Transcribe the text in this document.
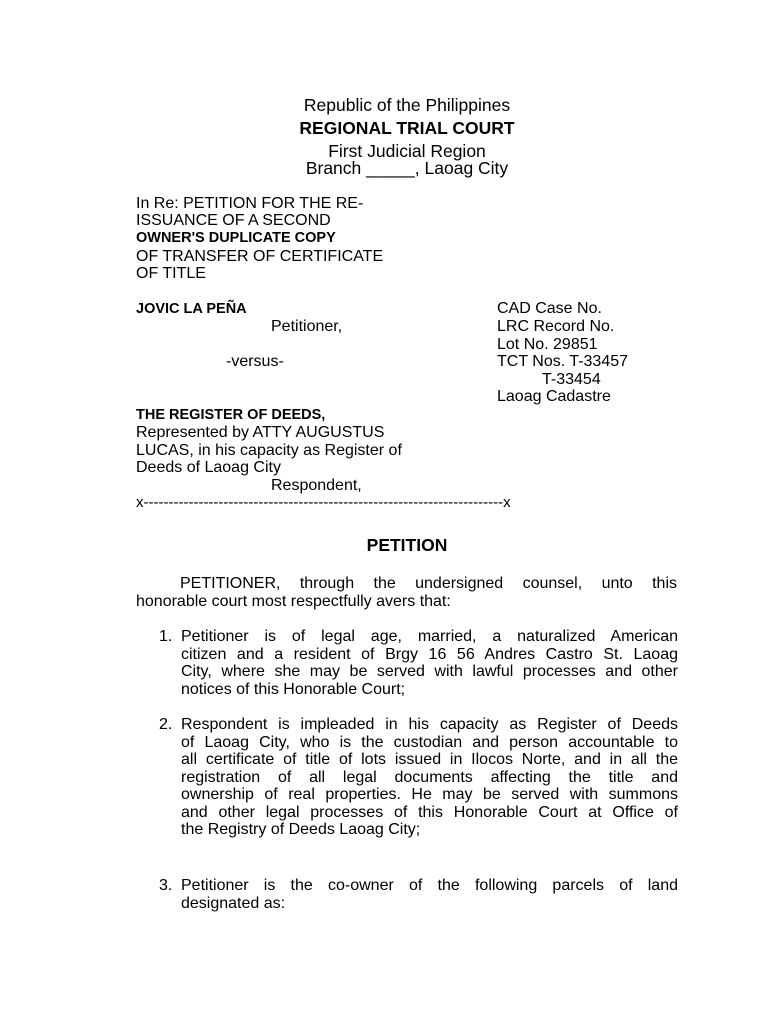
Republic of the Philippines
REGIONAL TRIAL COURT
First Judicial Region
Branch _____, Laoag City
In Re: PETITION FOR THE RE-
ISSUANCE OF A SECOND
OWNER'S DUPLICATE COPY
OF TRANSFER OF CERTIFICATE
OF TITLE
JOVIC LA PEÑA
Petitioner,
-versus-
THE REGISTER OF DEEDS,
Represented by ATTY AUGUSTUS
LUCAS, in his capacity as Register of
Deeds of Laoag City
Respondent,
x------------------------------------------------------------------------x
CAD Case No.
LRC Record No.
Lot No. 29851
TCT Nos. T-33457
T-33454
Laoag Cadastre
PETITION
PETITIONER, through the undersigned counsel, unto this
honorable court most respectfully avers that:
1. Petitioner is of legal age, married, a naturalized American
citizen and a resident of Brgy 16 56 Andres Castro St. Laoag
City, where she may be served with lawful processes and other
notices of this Honorable Court;
2. Respondent is impleaded in his capacity as Register of Deeds
of Laoag City, who is the custodian and person accountable to
all certificate of title of lots issued in Ilocos Norte, and in all the
registration of all legal documents affecting the title and
ownership of real properties. He may be served with summons
and other legal processes of this Honorable Court at Office of
the Registry of Deeds Laoag City;
3. Petitioner is the co-owner of the following parcels of land
designated as:
